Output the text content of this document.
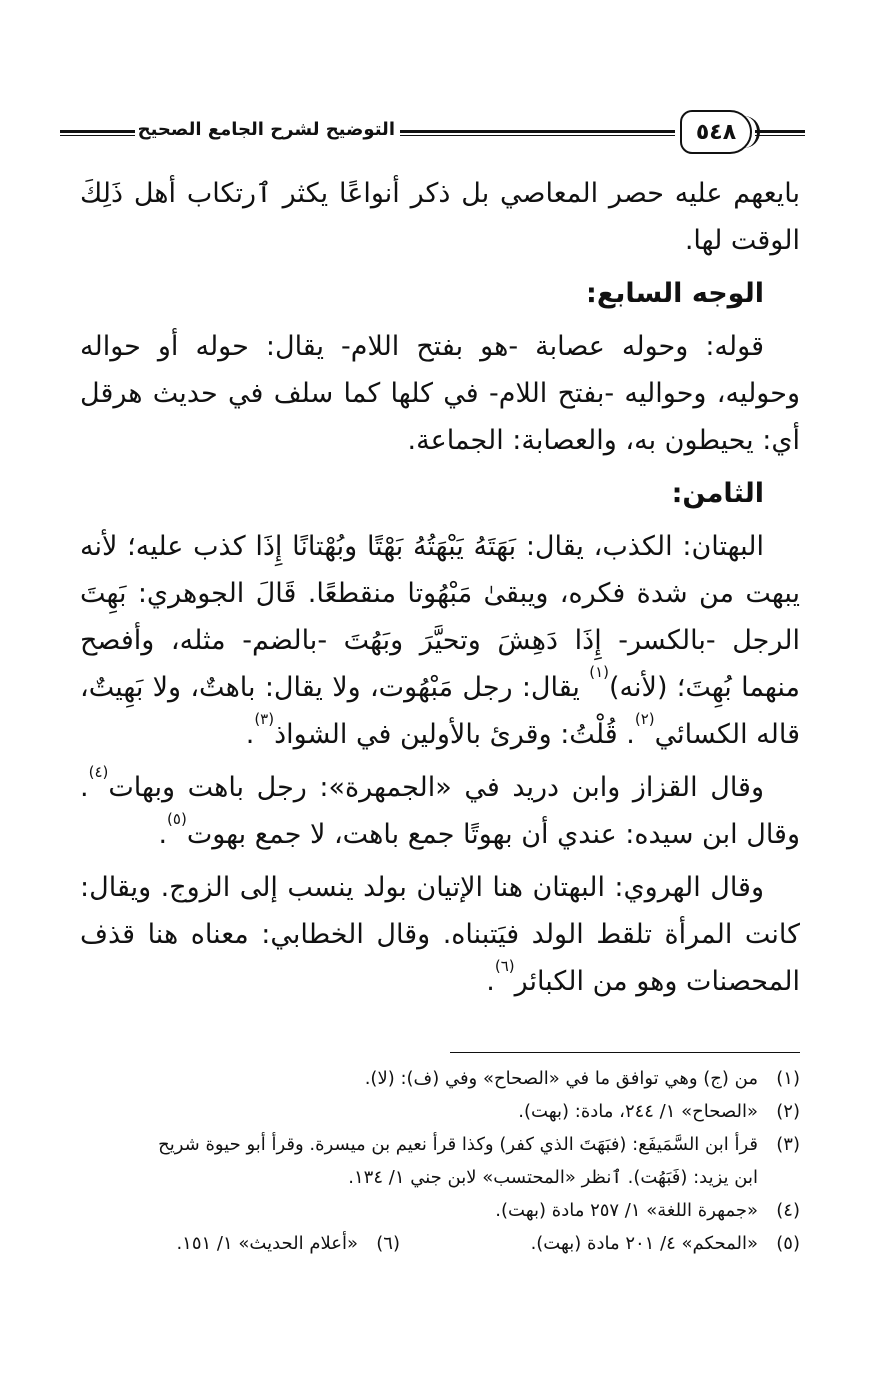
التوضيح لشرح الجامع الصحيح	٥٤٨

بايعهم عليه حصر المعاصي بل ذكر أنواعًا يكثر ٱرتكاب أهل ذَلِكَ الوقت لها.

الوجه السابع:

قوله: وحوله عصابة -هو بفتح اللام- يقال: حوله أو حواله وحوليه، وحواليه -بفتح اللام- في كلها كما سلف في حديث هرقل أي: يحيطون به، والعصابة: الجماعة.

الثامن:

البهتان: الكذب، يقال: بَهَتَهُ يَبْهَتُهُ بَهْتًا وبُهْتانًا إِذَا كذب عليه؛ لأنه يبهت من شدة فكره، ويبقىٰ مَبْهُوتا منقطعًا. قَالَ الجوهري: بَهِتَ الرجل -بالكسر- إِذَا دَهِشَ وتحيَّرَ وبَهُتَ -بالضم- مثله، وأفصح منهما بُهِتَ؛ (لأنه)$^{(١)}$ يقال: رجل مَبْهُوت، ولا يقال: باهتٌ، ولا بَهِيتٌ، قاله الكسائي$^{(٢)}$. قُلْتُ: وقرئ بالأولين في الشواذ$^{(٣)}$.

وقال القزاز وابن دريد في «الجمهرة»: رجل باهت وبهات$^{(٤)}$. وقال ابن سيده: عندي أن بهوتًا جمع باهت، لا جمع بهوت$^{(٥)}$.

وقال الهروي: البهتان هنا الإتيان بولد ينسب إلى الزوج. ويقال: كانت المرأة تلقط الولد فيَتبناه. وقال الخطابي: معناه هنا قذف المحصنات وهو من الكبائر$^{(٦)}$.

(١)
من (ج) وهي توافق ما في «الصحاح» وفي (ف): (لا).
(٢)
«الصحاح» ١/ ٢٤٤، مادة: (بهت).
(٣)
قرأ ابن السَّمَيفَع: (فبَهَتَ الذي كفر) وكذا قرأ نعيم بن ميسرة. وقرأ أبو حيوة شريح
ابن يزيد: (فَبَهُت). ٱنظر «المحتسب» لابن جني ١/ ١٣٤.
(٤)
«جمهرة اللغة» ١/ ٢٥٧ مادة (بهت).
(٥)
«المحكم» ٤/ ٢٠١ مادة (بهت).
(٦)
«أعلام الحديث» ١/ ١٥١.
